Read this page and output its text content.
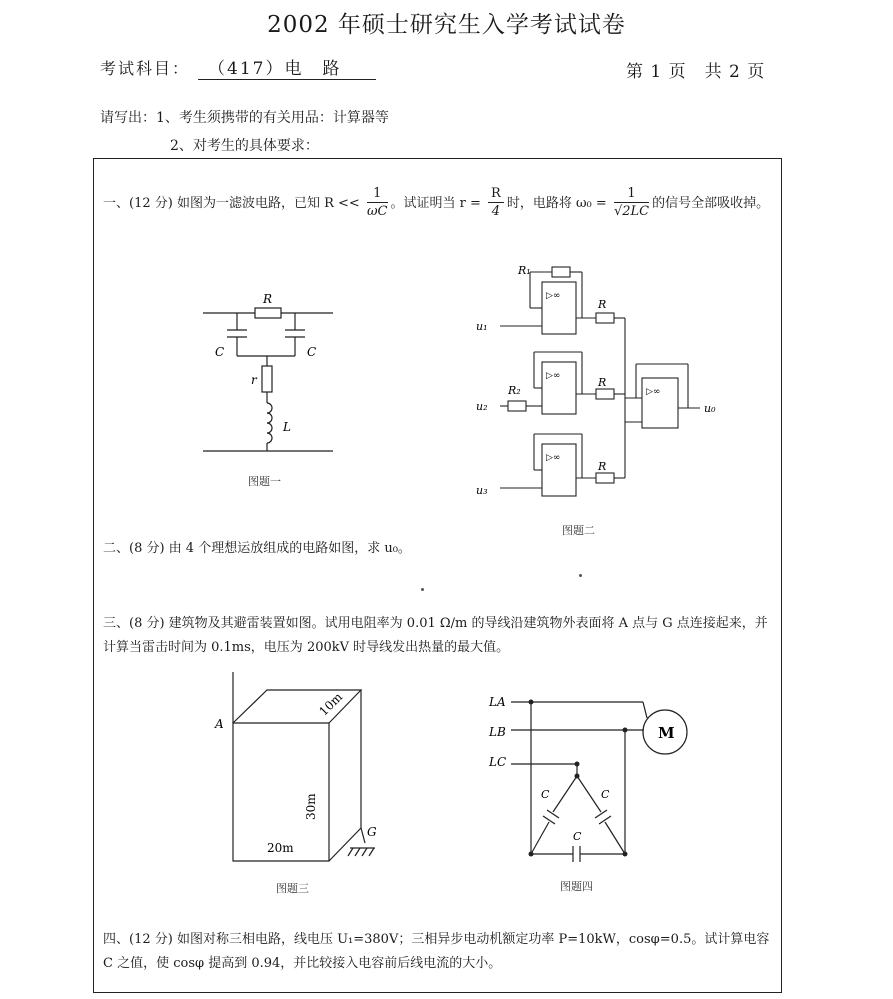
2002 年硕士研究生入学考试试卷
考试科目：	（417）电　路	第 1 页　共 2 页
请写出：1、考生须携带的有关用品：计算器等
2、对考生的具体要求：
一、(12 分) 如图为一滤波电路，已知 $R << \frac{1}{\omega C}$ 。试证明当 $r = \frac{R}{4}$ 时，电路将 $\omega_0 = \frac{1}{√2LC}$ 的信号全部吸收掉。
R
C	C
r
L
图题一
R₁
R₂
R
R
R
u₁
u₂
u₃
u₀
▷∞
▷∞
▷∞
▷∞
图题二
二、(8 分) 由 4 个理想运放组成的电路如图，求 u₀。
三、(8 分) 建筑物及其避雷装置如图。试用电阻率为 0.01 Ω/m 的导线沿建筑物外表面将 A 点与 G 点连接起来，并计算当雷击时间为 0.1ms，电压为 200kV 时导线发出热量的最大值。
A
G
10m
30m
20m
图题三
LA
LB
LC
M
C	C
C
图题四
四、(12 分) 如图对称三相电路，线电压 U₁=380V；三相异步电动机额定功率 P=10kW，cosφ=0.5。试计算电容 C 之值，使 cosφ 提高到 0.94，并比较接入电容前后线电流的大小。
